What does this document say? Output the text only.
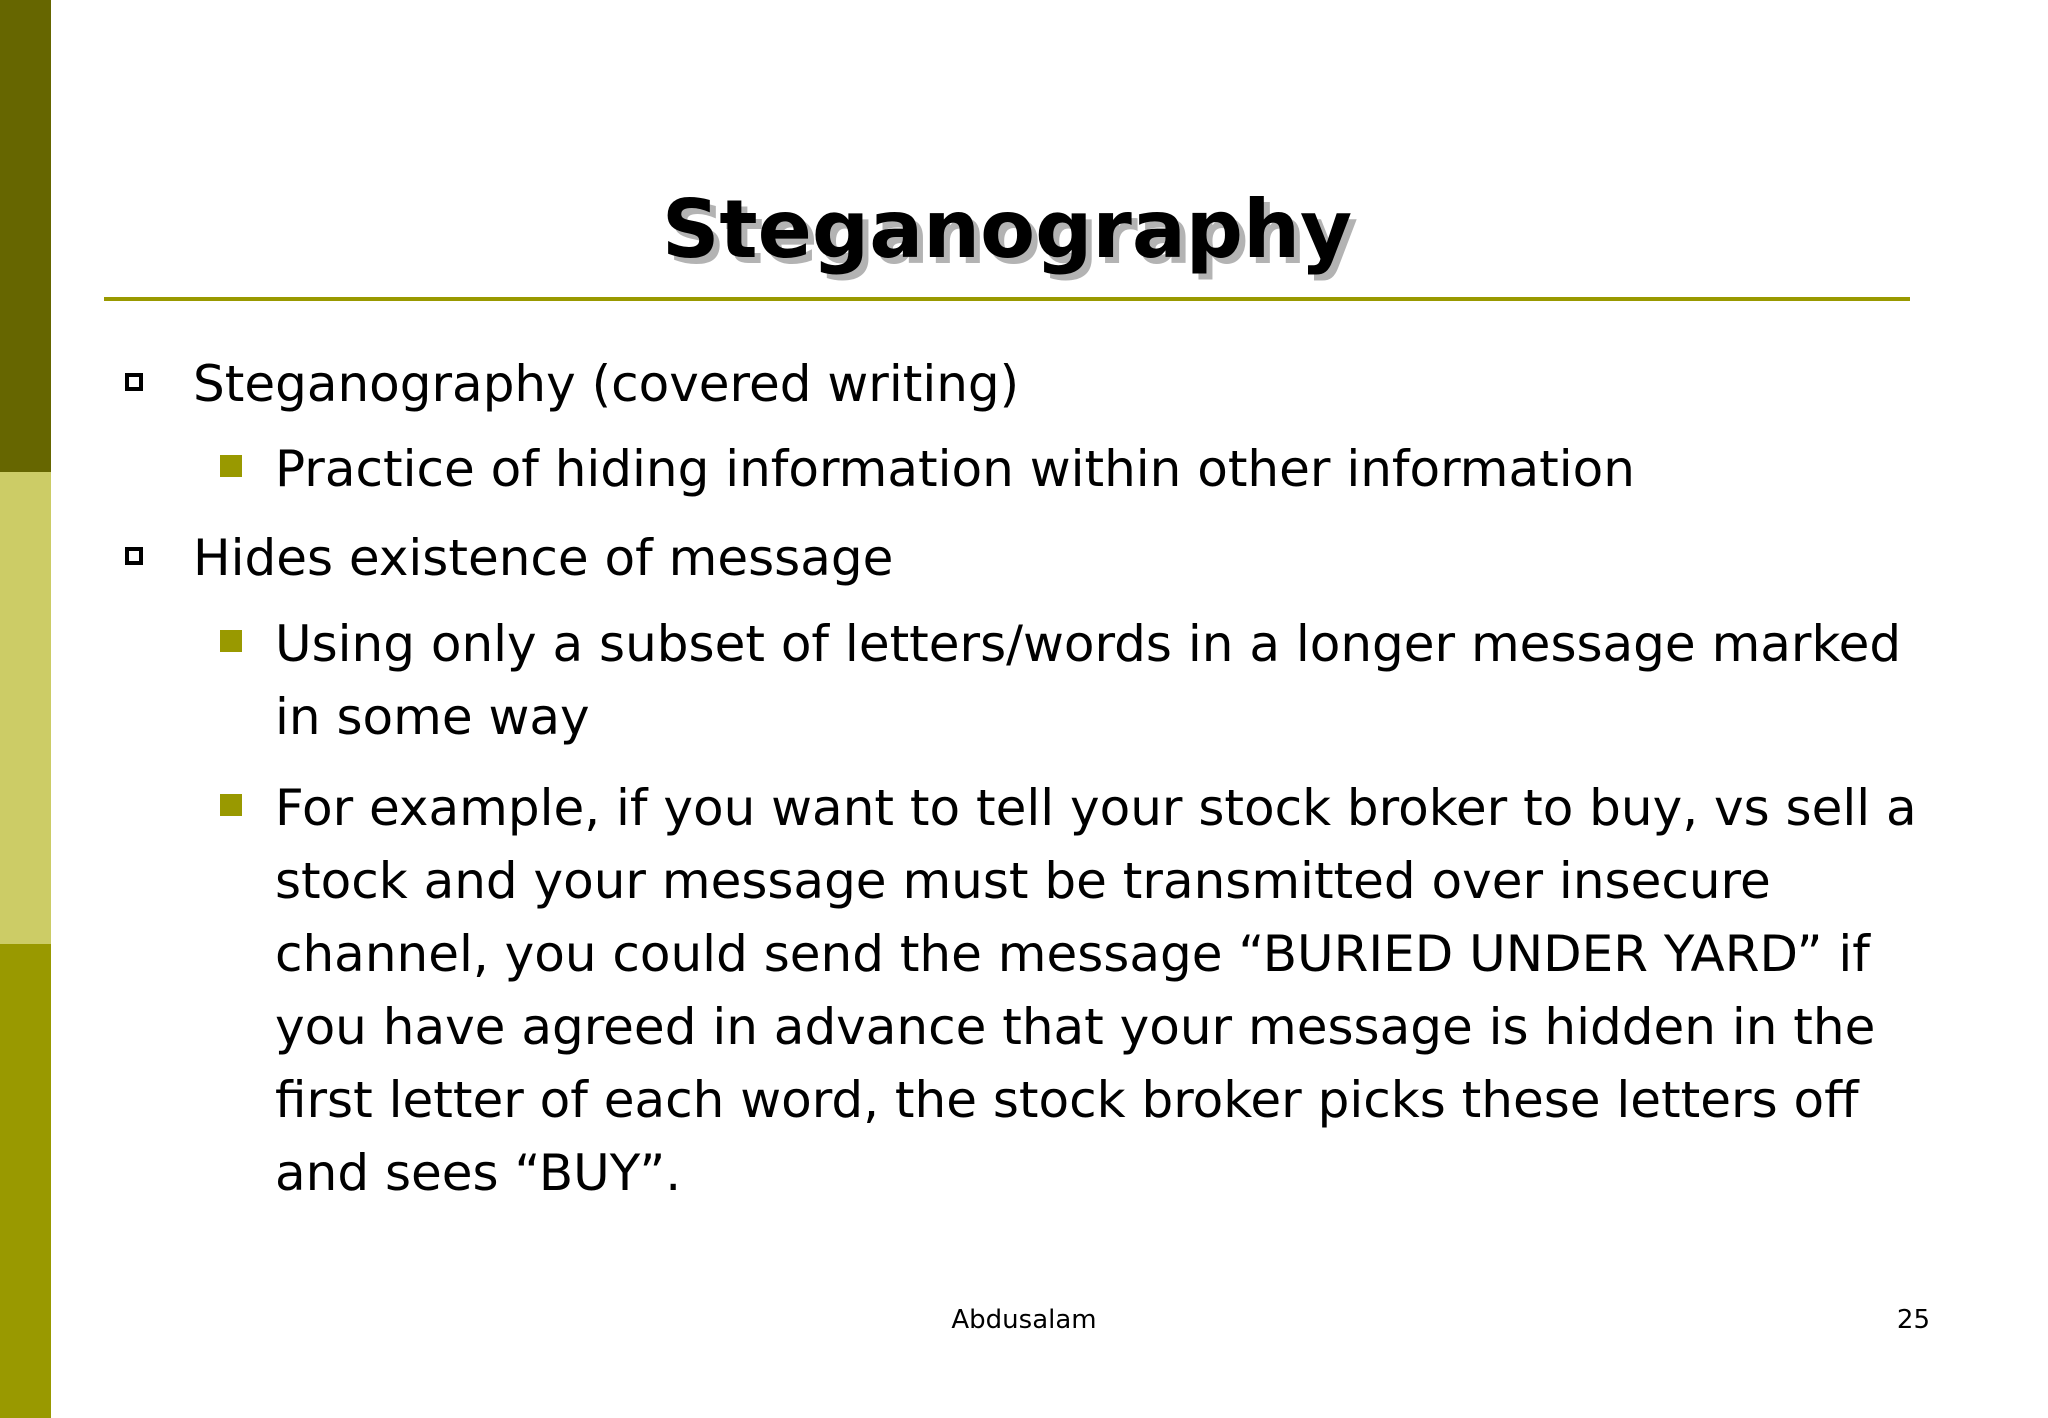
Steganography
Steganography (covered writing)
Practice of hiding information within other information
Hides existence of message
Using only a subset of letters/words in a longer message marked in some way
For example, if you want to tell your stock broker to buy, vs sell a stock and your message must be transmitted over insecure channel, you could send the message “BURIED UNDER YARD” if you have agreed in advance that your message is hidden in the first letter of each word, the stock broker picks these letters off and sees “BUY”.
Abdusalam	25
